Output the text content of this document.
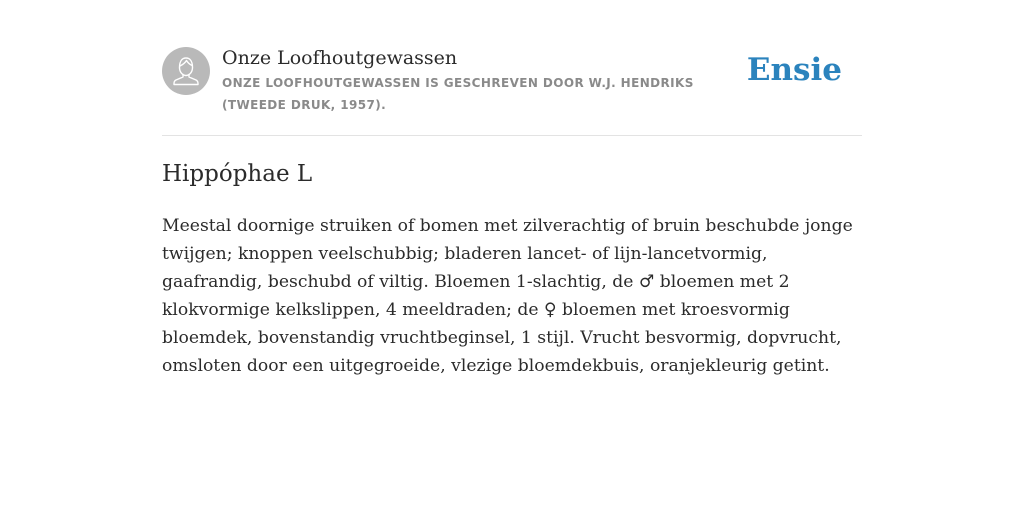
Onze Loofhoutgewassen

ONZE LOOFHOUTGEWASSEN IS GESCHREVEN DOOR W.J. HENDRIKS (TWEEDE DRUK, 1957).

Ensie
Hippóphae L

Meestal doornige struiken of bomen met zilverachtig of bruin beschubde jonge twijgen; knoppen veelschubbig; bladeren lancet- of lijn-lancetvormig, gaafrandig, beschubd of viltig. Bloemen 1-slachtig, de ♂ bloemen met 2 klokvormige kelkslippen, 4 meeldraden; de ♀ bloemen met kroesvormig bloemdek, bovenstandig vruchtbeginsel, 1 stijl. Vrucht besvormig, dopvrucht, omsloten door een uitgegroeide, vlezige bloemdekbuis, oranjekleurig getint.
